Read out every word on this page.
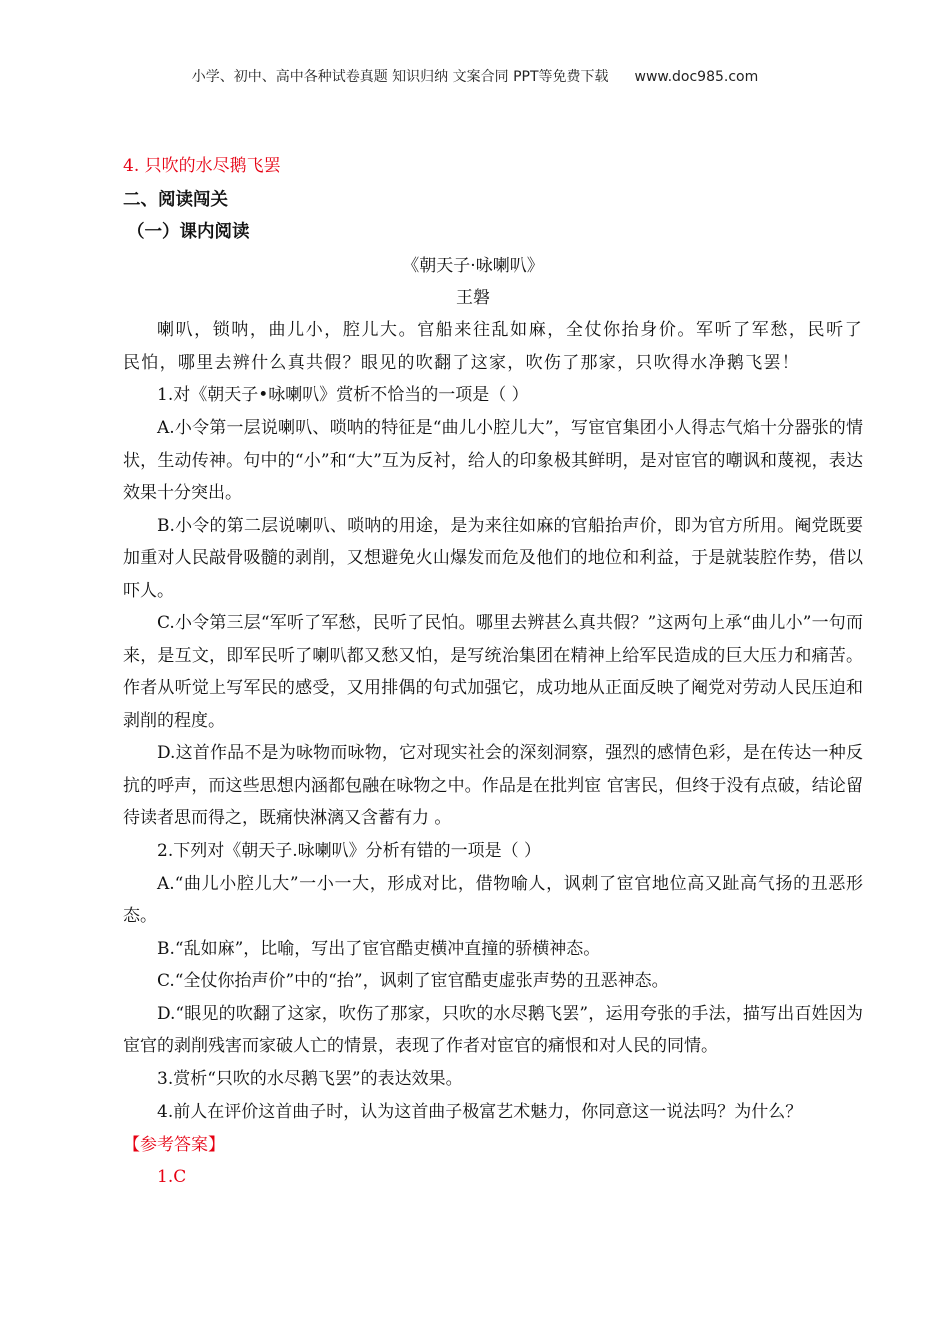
小学、初中、高中各种试卷真题 知识归纳 文案合同 PPT等免费下载 www.doc985.com
4. 只吹的水尽鹅飞罢
二、阅读闯关
（一）课内阅读
《朝天子·咏喇叭》
王磐

喇叭，锁呐，曲儿小，腔儿大。官船来往乱如麻，全仗你抬身价。军听了军愁，民听了民怕，哪里去辨什么真共假？眼见的吹翻了这家，吹伤了那家，只吹得水净鹅飞罢！

1.对《朝天子•咏喇叭》赏析不恰当的一项是（ ）

A.小令第一层说喇叭、唢呐的特征是“曲儿小腔儿大”，写宦官集团小人得志气焰十分器张的情状，生动传神。句中的“小”和“大”互为反衬，给人的印象极其鲜明，是对宦官的嘲讽和蔑视，表达效果十分突出。

B.小令的第二层说喇叭、唢呐的用途，是为来往如麻的官船抬声价，即为官方所用。阉党既要加重对人民敲骨吸髓的剥削，又想避免火山爆发而危及他们的地位和利益，于是就装腔作势，借以吓人。

C.小令第三层“军听了军愁，民听了民怕。哪里去辨甚么真共假？”这两句上承“曲儿小”一句而来，是互文，即军民听了喇叭都又愁又怕，是写统治集团在精神上给军民造成的巨大压力和痛苦。作者从听觉上写军民的感受，又用排偶的句式加强它，成功地从正面反映了阉党对劳动人民压迫和剥削的程度。

D.这首作品不是为咏物而咏物，它对现实社会的深刻洞察，强烈的感情色彩，是在传达一种反抗的呼声，而这些思想内涵都包融在咏物之中。作品是在批判宦 官害民，但终于没有点破，结论留待读者思而得之，既痛快淋漓又含蓄有力 。

2.下列对《朝天子.咏喇叭》分析有错的一项是（ ）

A.“曲儿小腔儿大”一小一大，形成对比，借物喻人，讽刺了宦官地位高又趾高气扬的丑恶形态。

B.“乱如麻”，比喻，写出了宦官酷吏横冲直撞的骄横神态。

C.“全仗你抬声价”中的“抬”，讽刺了宦官酷吏虚张声势的丑恶神态。

D.“眼见的吹翻了这家，吹伤了那家，只吹的水尽鹅飞罢”，运用夸张的手法，描写出百姓因为宦官的剥削残害而家破人亡的情景，表现了作者对宦官的痛恨和对人民的同情。

3.赏析“只吹的水尽鹅飞罢”的表达效果。
4.前人在评价这首曲子时，认为这首曲子极富艺术魅力，你同意这一说法吗？为什么？
【参考答案】
1.C
